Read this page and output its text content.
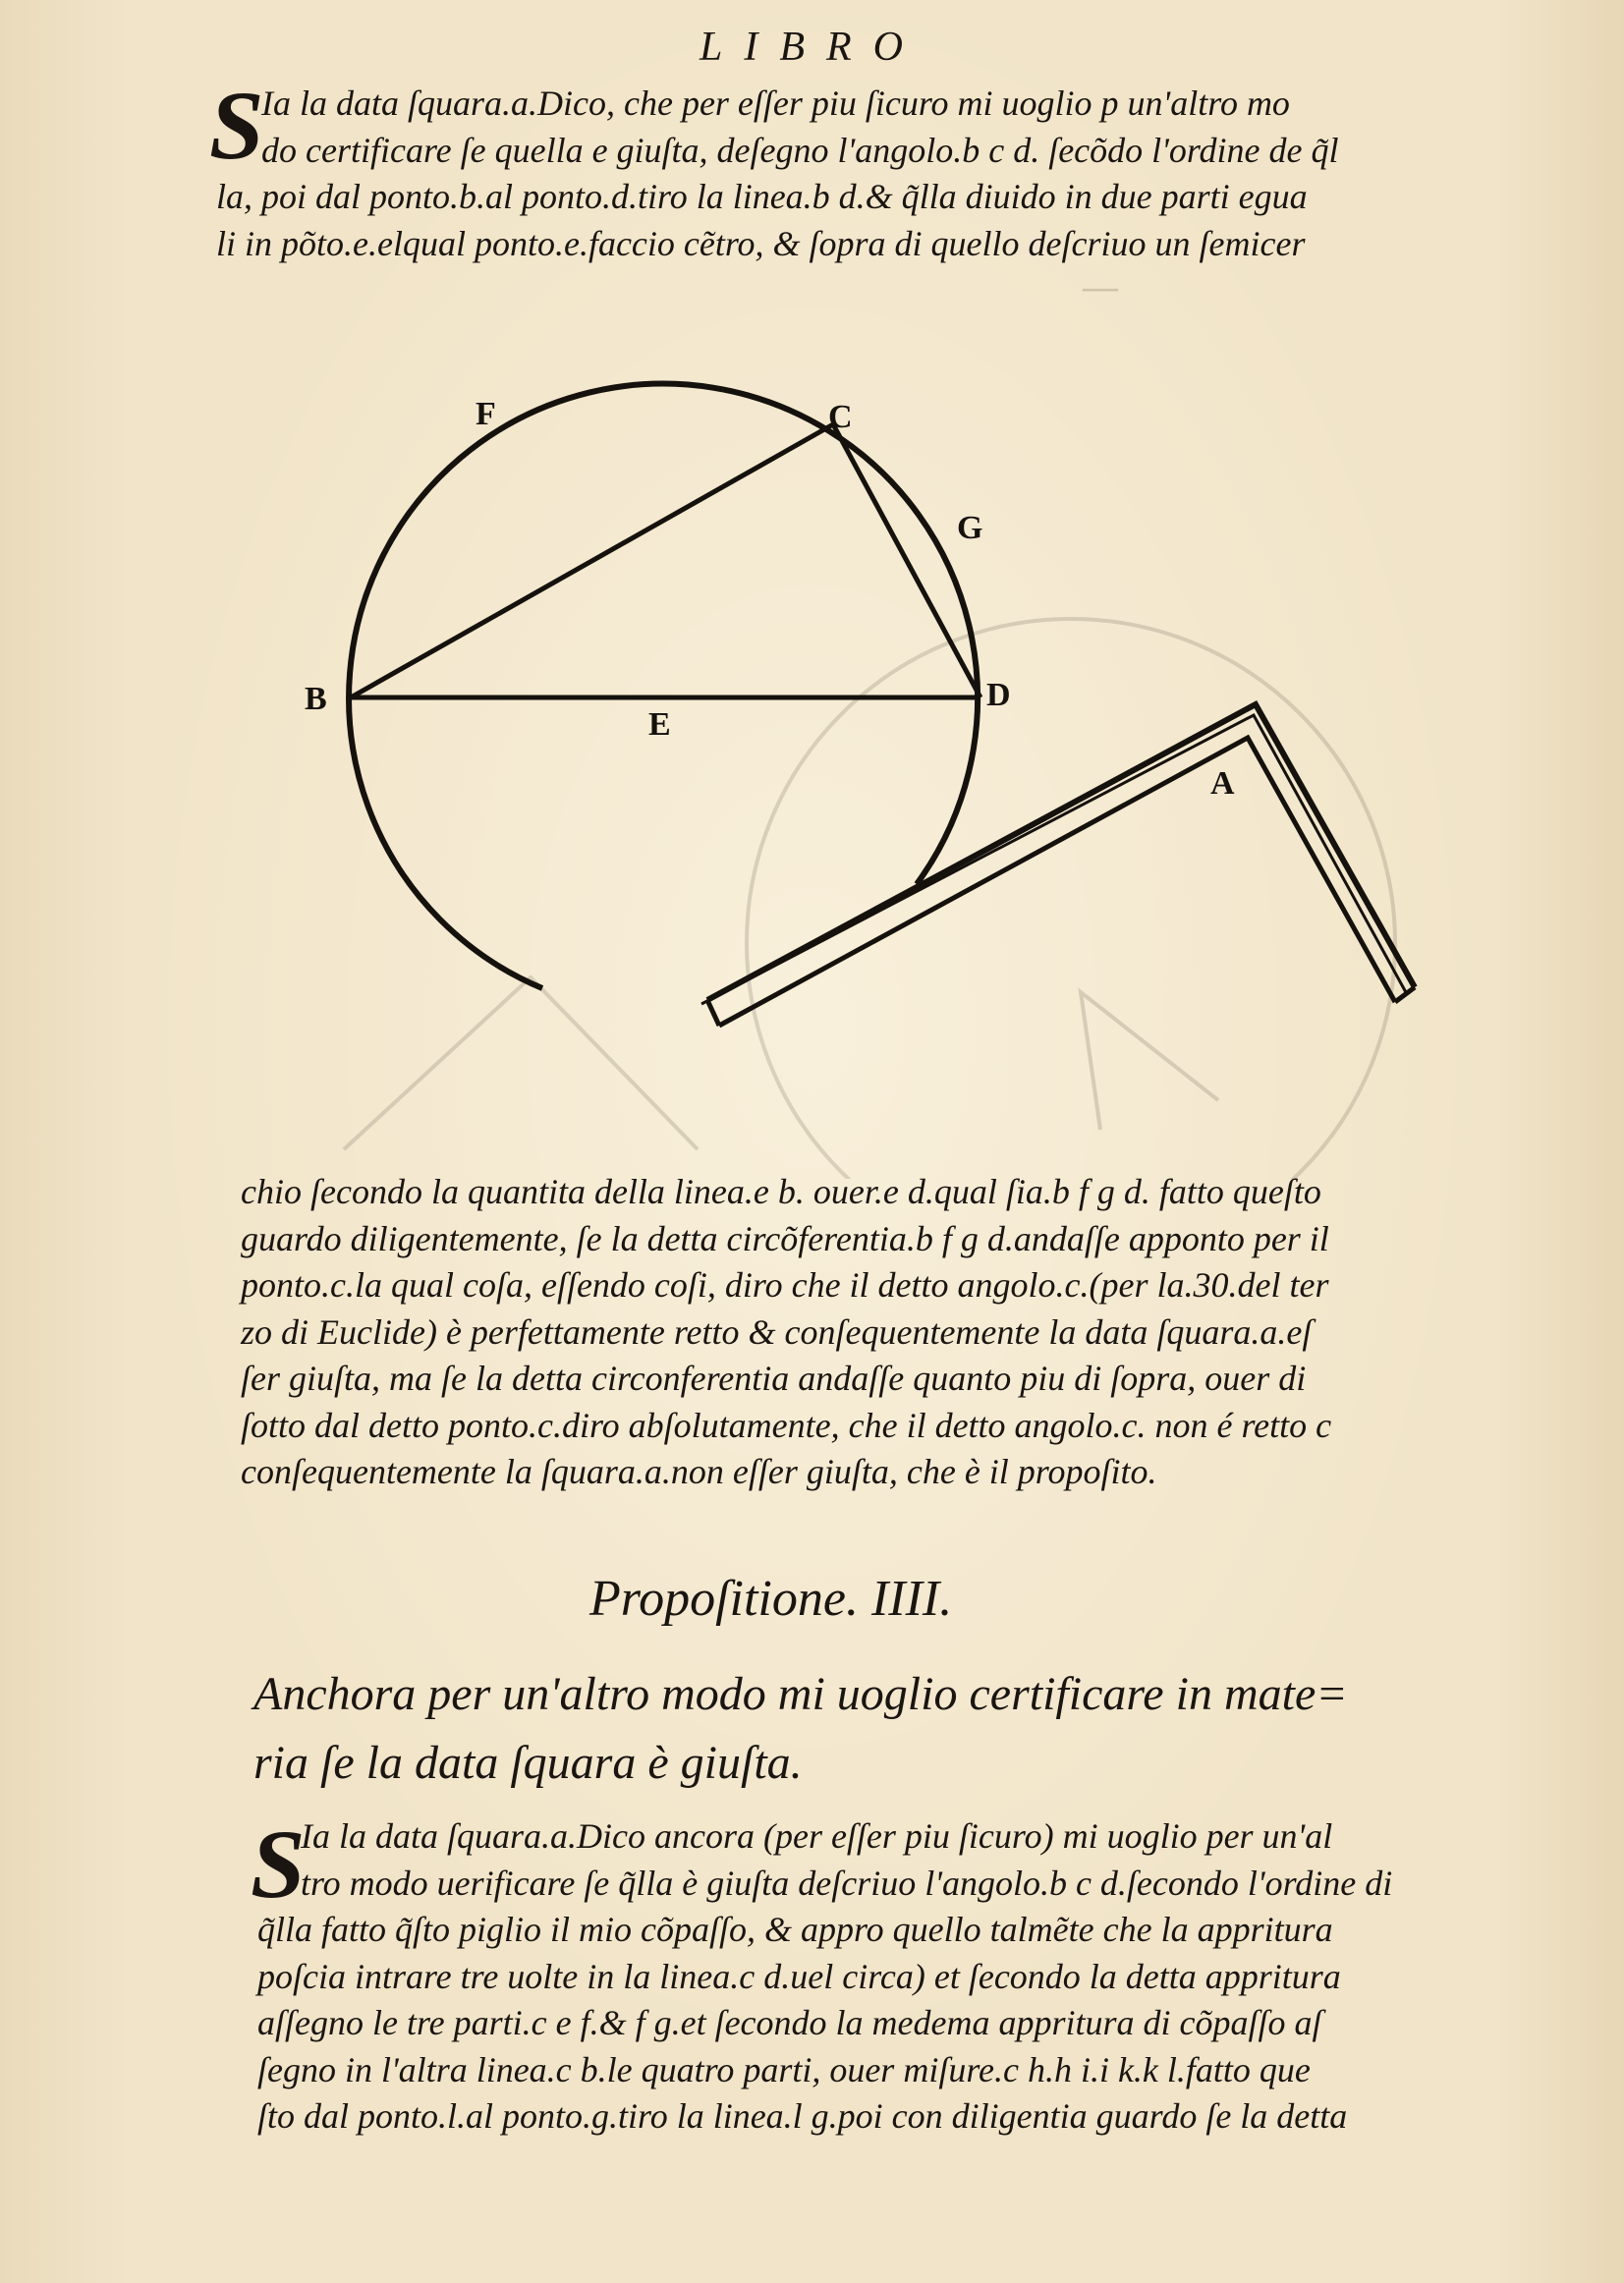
—
LIBRO
S
Ia la data ſquara.a.Dico, che per eſſer piu ſicuro mi uoglio p un'altro mo
do certificare ſe quella e giuſta, deſegno l'angolo.b c d. ſecõdo l'ordine de q̃l
la, poi dal ponto.b.al ponto.d.tiro la linea.b d.& q̃lla diuido in due parti egua
li in põto.e.elqual ponto.e.faccio cẽtro, & ſopra di quello deſcriuo un ſemicer
F	C
G
B	D
E
A
chio ſecondo la quantita della linea.e b. ouer.e d.qual ſia.b f g d. fatto queſto
guardo diligentemente, ſe la detta circõferentia.b f g d.andaſſe apponto per il
ponto.c.la qual coſa, eſſendo coſi, diro che il detto angolo.c.(per la.30.del ter
zo di Euclide) è perfettamente retto & conſequentemente la data ſquara.a.eſ
ſer giuſta, ma ſe la detta circonferentia andaſſe quanto piu di ſopra, ouer di
ſotto dal detto ponto.c.diro abſolutamente, che il detto angolo.c. non é retto c
conſequentemente la ſquara.a.non eſſer giuſta, che è il propoſito.
Propoſitione. IIII.
Anchora per un'altro modo mi uoglio certificare in mate=
ria ſe la data ſquara è giuſta.
S
Ia la data ſquara.a.Dico ancora (per eſſer piu ſicuro) mi uoglio per un'al
tro modo uerificare ſe q̃lla è giuſta deſcriuo l'angolo.b c d.ſecondo l'ordine di
q̃lla fatto q̃ſto piglio il mio cõpaſſo, & appro quello talmẽte che la appritura
poſcia intrare tre uolte in la linea.c d.uel circa) et ſecondo la detta appritura
aſſegno le tre parti.c e f.& f g.et ſecondo la medema appritura di cõpaſſo aſ
ſegno in l'altra linea.c b.le quatro parti, ouer miſure.c h.h i.i k.k l.fatto que
ſto dal ponto.l.al ponto.g.tiro la linea.l g.poi con diligentia guardo ſe la detta
